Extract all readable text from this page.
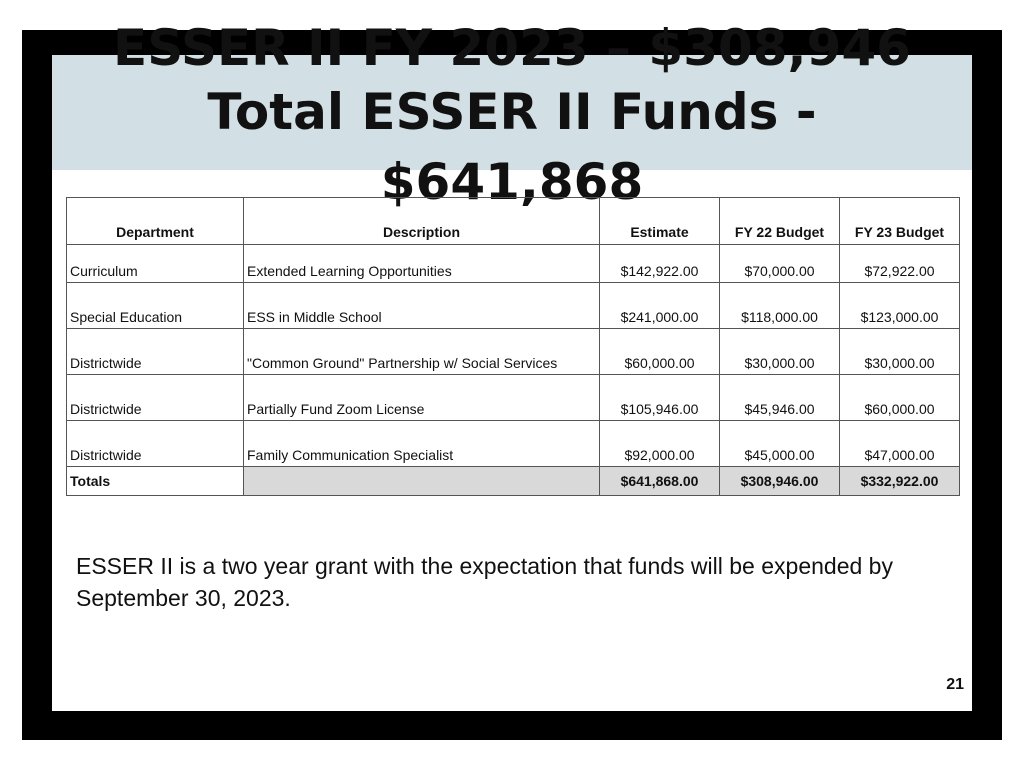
ESSER II FY 2023 – $308,946
Total ESSER II Funds -
$641,868
Department	Description	Estimate	FY 22 Budget	FY 23 Budget
Curriculum	Extended Learning Opportunities	$142,922.00	$70,000.00	$72,922.00
Special Education	ESS in Middle School	$241,000.00	$118,000.00	$123,000.00
Districtwide	"Common Ground" Partnership w/ Social Services	$60,000.00	$30,000.00	$30,000.00
Districtwide	Partially Fund Zoom License	$105,946.00	$45,946.00	$60,000.00
Districtwide	Family Communication Specialist	$92,000.00	$45,000.00	$47,000.00
Totals		$641,868.00	$308,946.00	$332,922.00

ESSER II is a two year grant with the expectation that funds will be expended by September 30, 2023.

21
